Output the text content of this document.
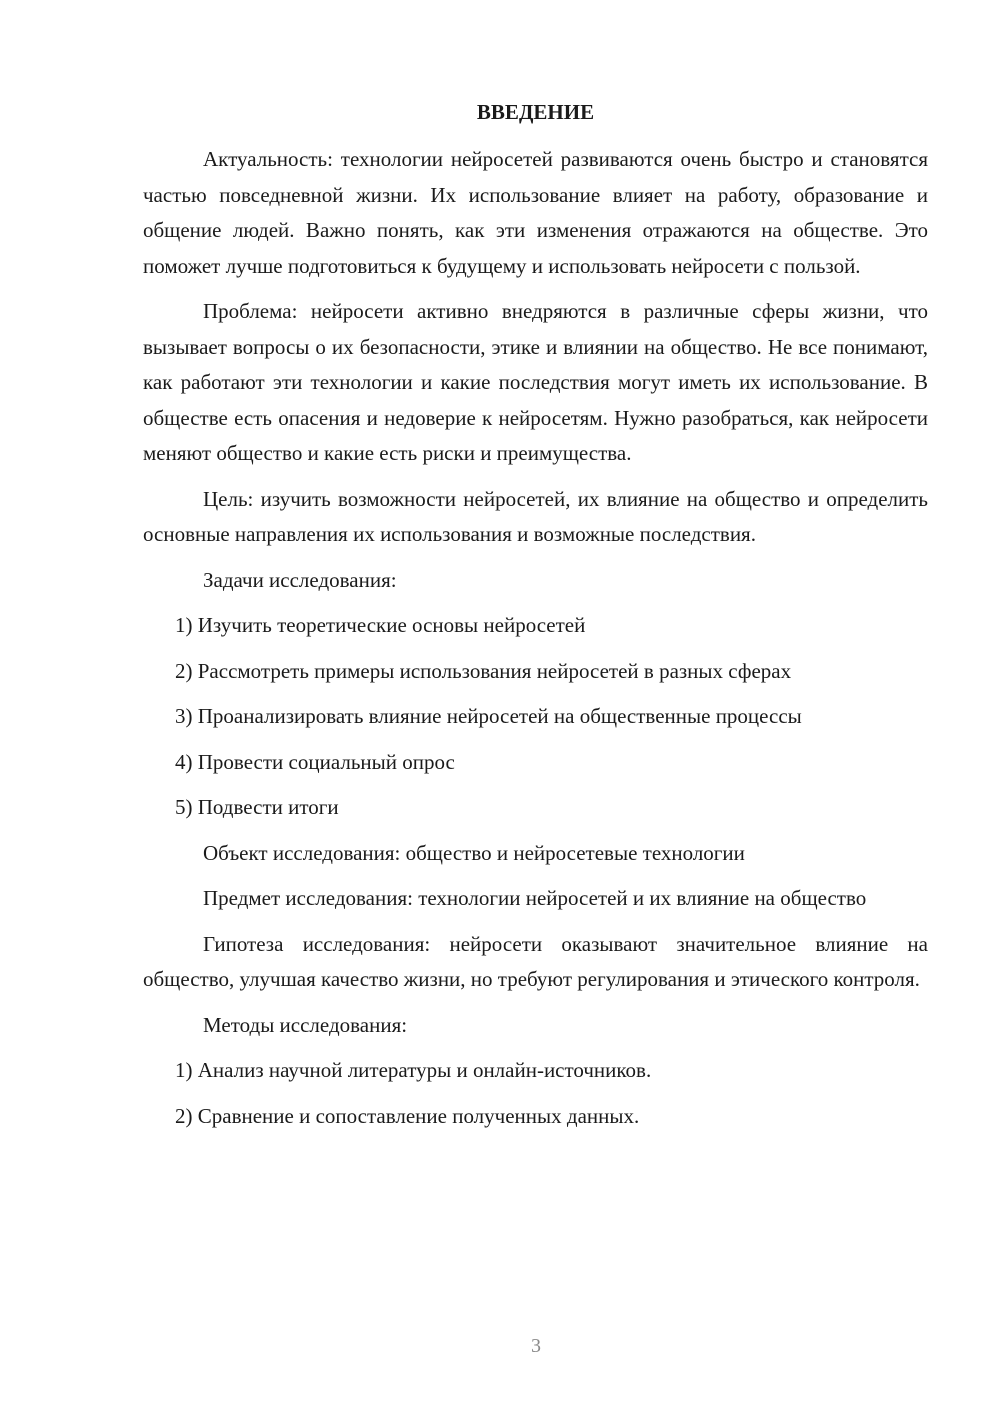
ВВЕДЕНИЕ

Актуальность: технологии нейросетей развиваются очень быстро и становятся частью повседневной жизни. Их использование влияет на работу, образование и общение людей. Важно понять, как эти изменения отражаются на обществе. Это поможет лучше подготовиться к будущему и использовать нейросети с пользой.

Проблема: нейросети активно внедряются в различные сферы жизни, что вызывает вопросы о их безопасности, этике и влиянии на общество. Не все понимают, как работают эти технологии и какие последствия могут иметь их использование. В обществе есть опасения и недоверие к нейросетям. Нужно разобраться, как нейросети меняют общество и какие есть риски и преимущества.

Цель: изучить возможности нейросетей, их влияние на общество и определить основные направления их использования и возможные последствия.

Задачи исследования:

1) Изучить теоретические основы нейросетей
2) Рассмотреть примеры использования нейросетей в разных сферах
3) Проанализировать влияние нейросетей на общественные процессы
4) Провести социальный опрос
5) Подвести итоги

Объект исследования: общество и нейросетевые технологии

Предмет исследования: технологии нейросетей и их влияние на общество

Гипотеза исследования: нейросети оказывают значительное влияние на общество, улучшая качество жизни, но требуют регулирования и этического контроля.

Методы исследования:

1) Анализ научной литературы и онлайн-источников.
2) Сравнение и сопоставление полученных данных.
3
